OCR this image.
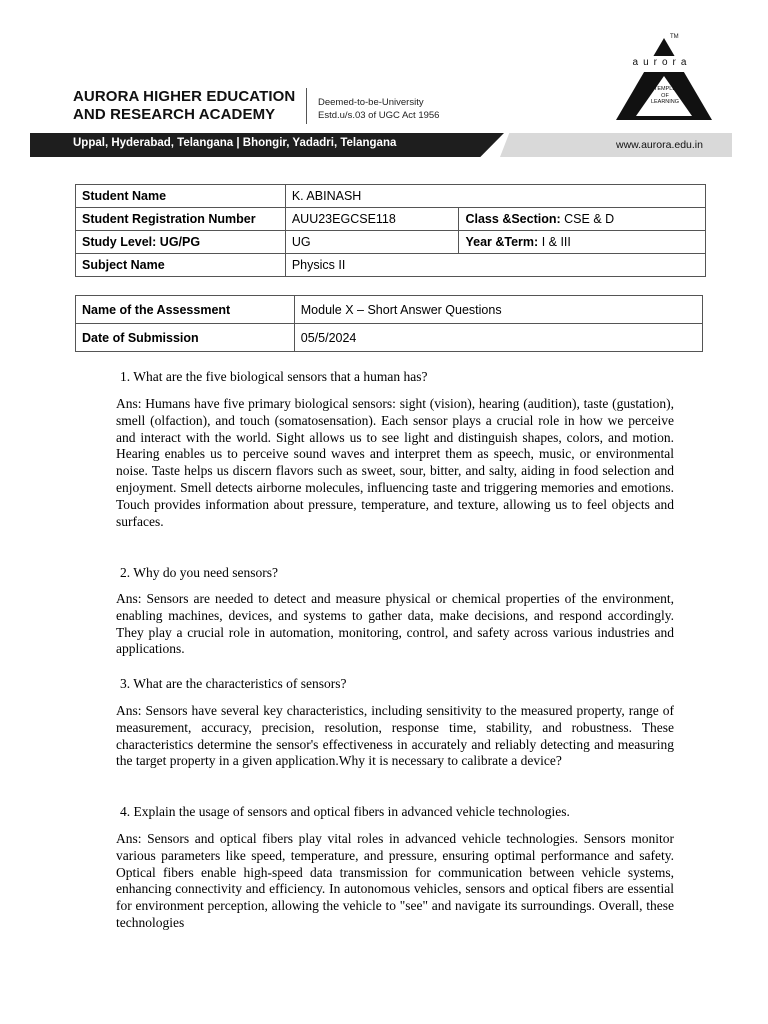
AURORA HIGHER EDUCATION
AND RESEARCH ACADEMY
Deemed-to-be-University
Estd.u/s.03 of UGC Act 1956
Uppal, Hyderabad, Telangana | Bhongir, Yadadri, Telangana	www.aurora.edu.in
TM
aurora
TEMPLE
OF
LEARNING
Student Name	K. ABINASH	
Student Registration Number	AUU23EGCSE118	Class &Section: CSE & D
Study Level: UG/PG	UG	Year &Term: I & III
Subject Name	Physics II	
Name of the Assessment	Module X – Short Answer Questions
Date of Submission	05/5/2024
1. What are the five biological sensors that a human has?
Ans: Humans have five primary biological sensors: sight (vision), hearing (audition), taste (gustation), smell (olfaction), and touch (somatosensation). Each sensor plays a crucial role in how we perceive and interact with the world. Sight allows us to see light and distinguish shapes, colors, and motion. Hearing enables us to perceive sound waves and interpret them as speech, music, or environmental noise. Taste helps us discern flavors such as sweet, sour, bitter, and salty, aiding in food selection and enjoyment. Smell detects airborne molecules, influencing taste and triggering memories and emotions. Touch provides information about pressure, temperature, and texture, allowing us to feel objects and surfaces.
2. Why do you need sensors?
Ans: Sensors are needed to detect and measure physical or chemical properties of the environment, enabling machines, devices, and systems to gather data, make decisions, and respond accordingly. They play a crucial role in automation, monitoring, control, and safety across various industries and applications.
3. What are the characteristics of sensors?
Ans: Sensors have several key characteristics, including sensitivity to the measured property, range of measurement, accuracy, precision, resolution, response time, stability, and robustness. These characteristics determine the sensor's effectiveness in accurately and reliably detecting and measuring the target property in a given application.Why it is necessary to calibrate a device?
4. Explain the usage of sensors and optical fibers in advanced vehicle technologies.
Ans: Sensors and optical fibers play vital roles in advanced vehicle technologies. Sensors monitor various parameters like speed, temperature, and pressure, ensuring optimal performance and safety. Optical fibers enable high-speed data transmission for communication between vehicle systems, enhancing connectivity and efficiency. In autonomous vehicles, sensors and optical fibers are essential for environment perception, allowing the vehicle to "see" and navigate its surroundings. Overall, these technologies
